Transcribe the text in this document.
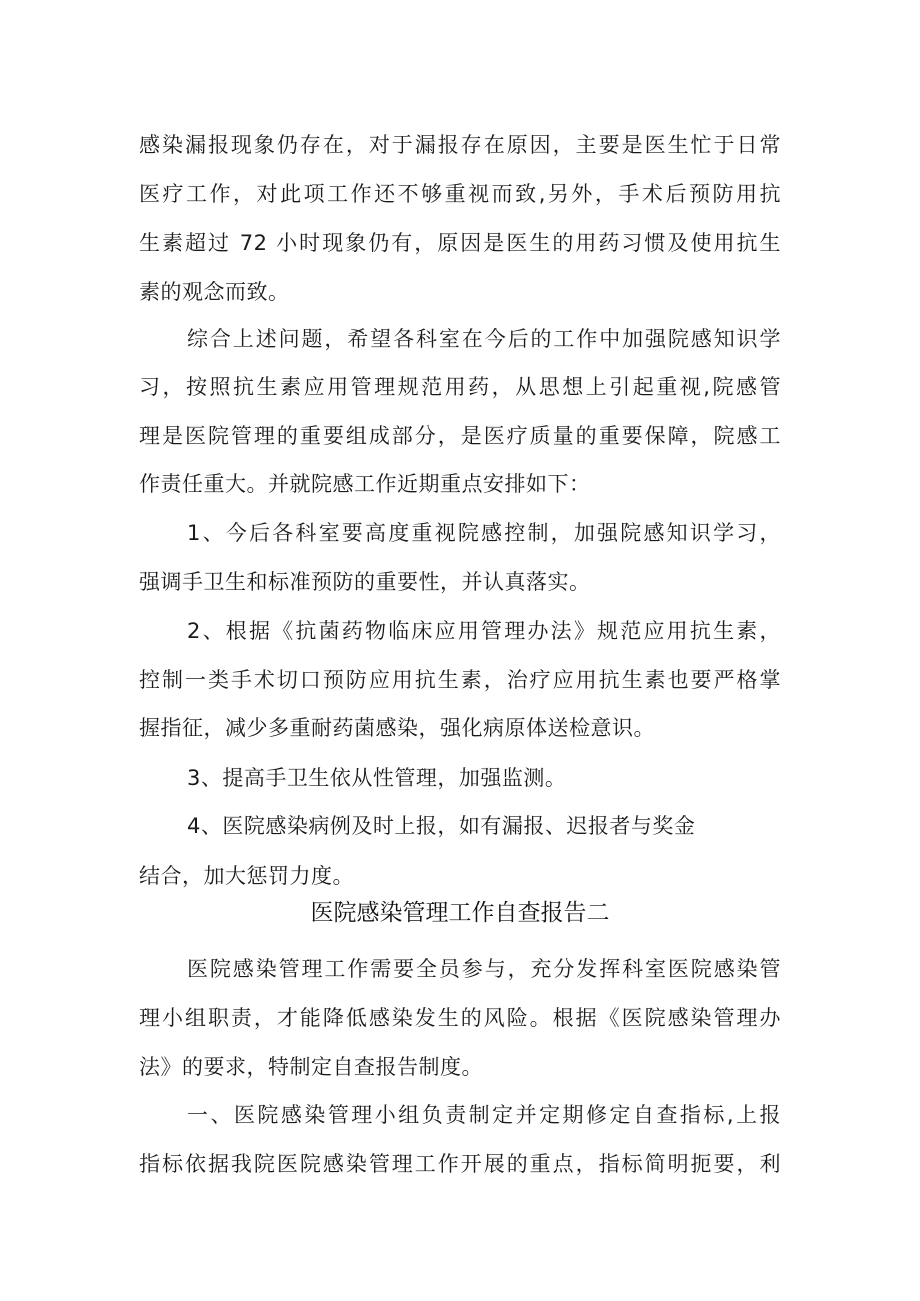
感染漏报现象仍存在，对于漏报存在原因，主要是医生忙于日常
医疗工作，对此项工作还不够重视而致,另外，手术后预防用抗
生素超过 72 小时现象仍有，原因是医生的用药习惯及使用抗生
素的观念而致。
综合上述问题，希望各科室在今后的工作中加强院感知识学
习，按照抗生素应用管理规范用药，从思想上引起重视,院感管
理是医院管理的重要组成部分，是医疗质量的重要保障，院感工
作责任重大。并就院感工作近期重点安排如下：
1、今后各科室要高度重视院感控制，加强院感知识学习，
强调手卫生和标准预防的重要性，并认真落实。
2、根据《抗菌药物临床应用管理办法》规范应用抗生素，
控制一类手术切口预防应用抗生素，治疗应用抗生素也要严格掌
握指征，减少多重耐药菌感染，强化病原体送检意识。
3、提高手卫生依从性管理，加强监测。
4、医院感染病例及时上报，如有漏报、迟报者与奖金
结合，加大惩罚力度。
医院感染管理工作自查报告二
医院感染管理工作需要全员参与，充分发挥科室医院感染管
理小组职责，才能降低感染发生的风险。根据《医院感染管理办
法》的要求，特制定自查报告制度。
一、医院感染管理小组负责制定并定期修定自查指标,上报
指标依据我院医院感染管理工作开展的重点，指标简明扼要，利
